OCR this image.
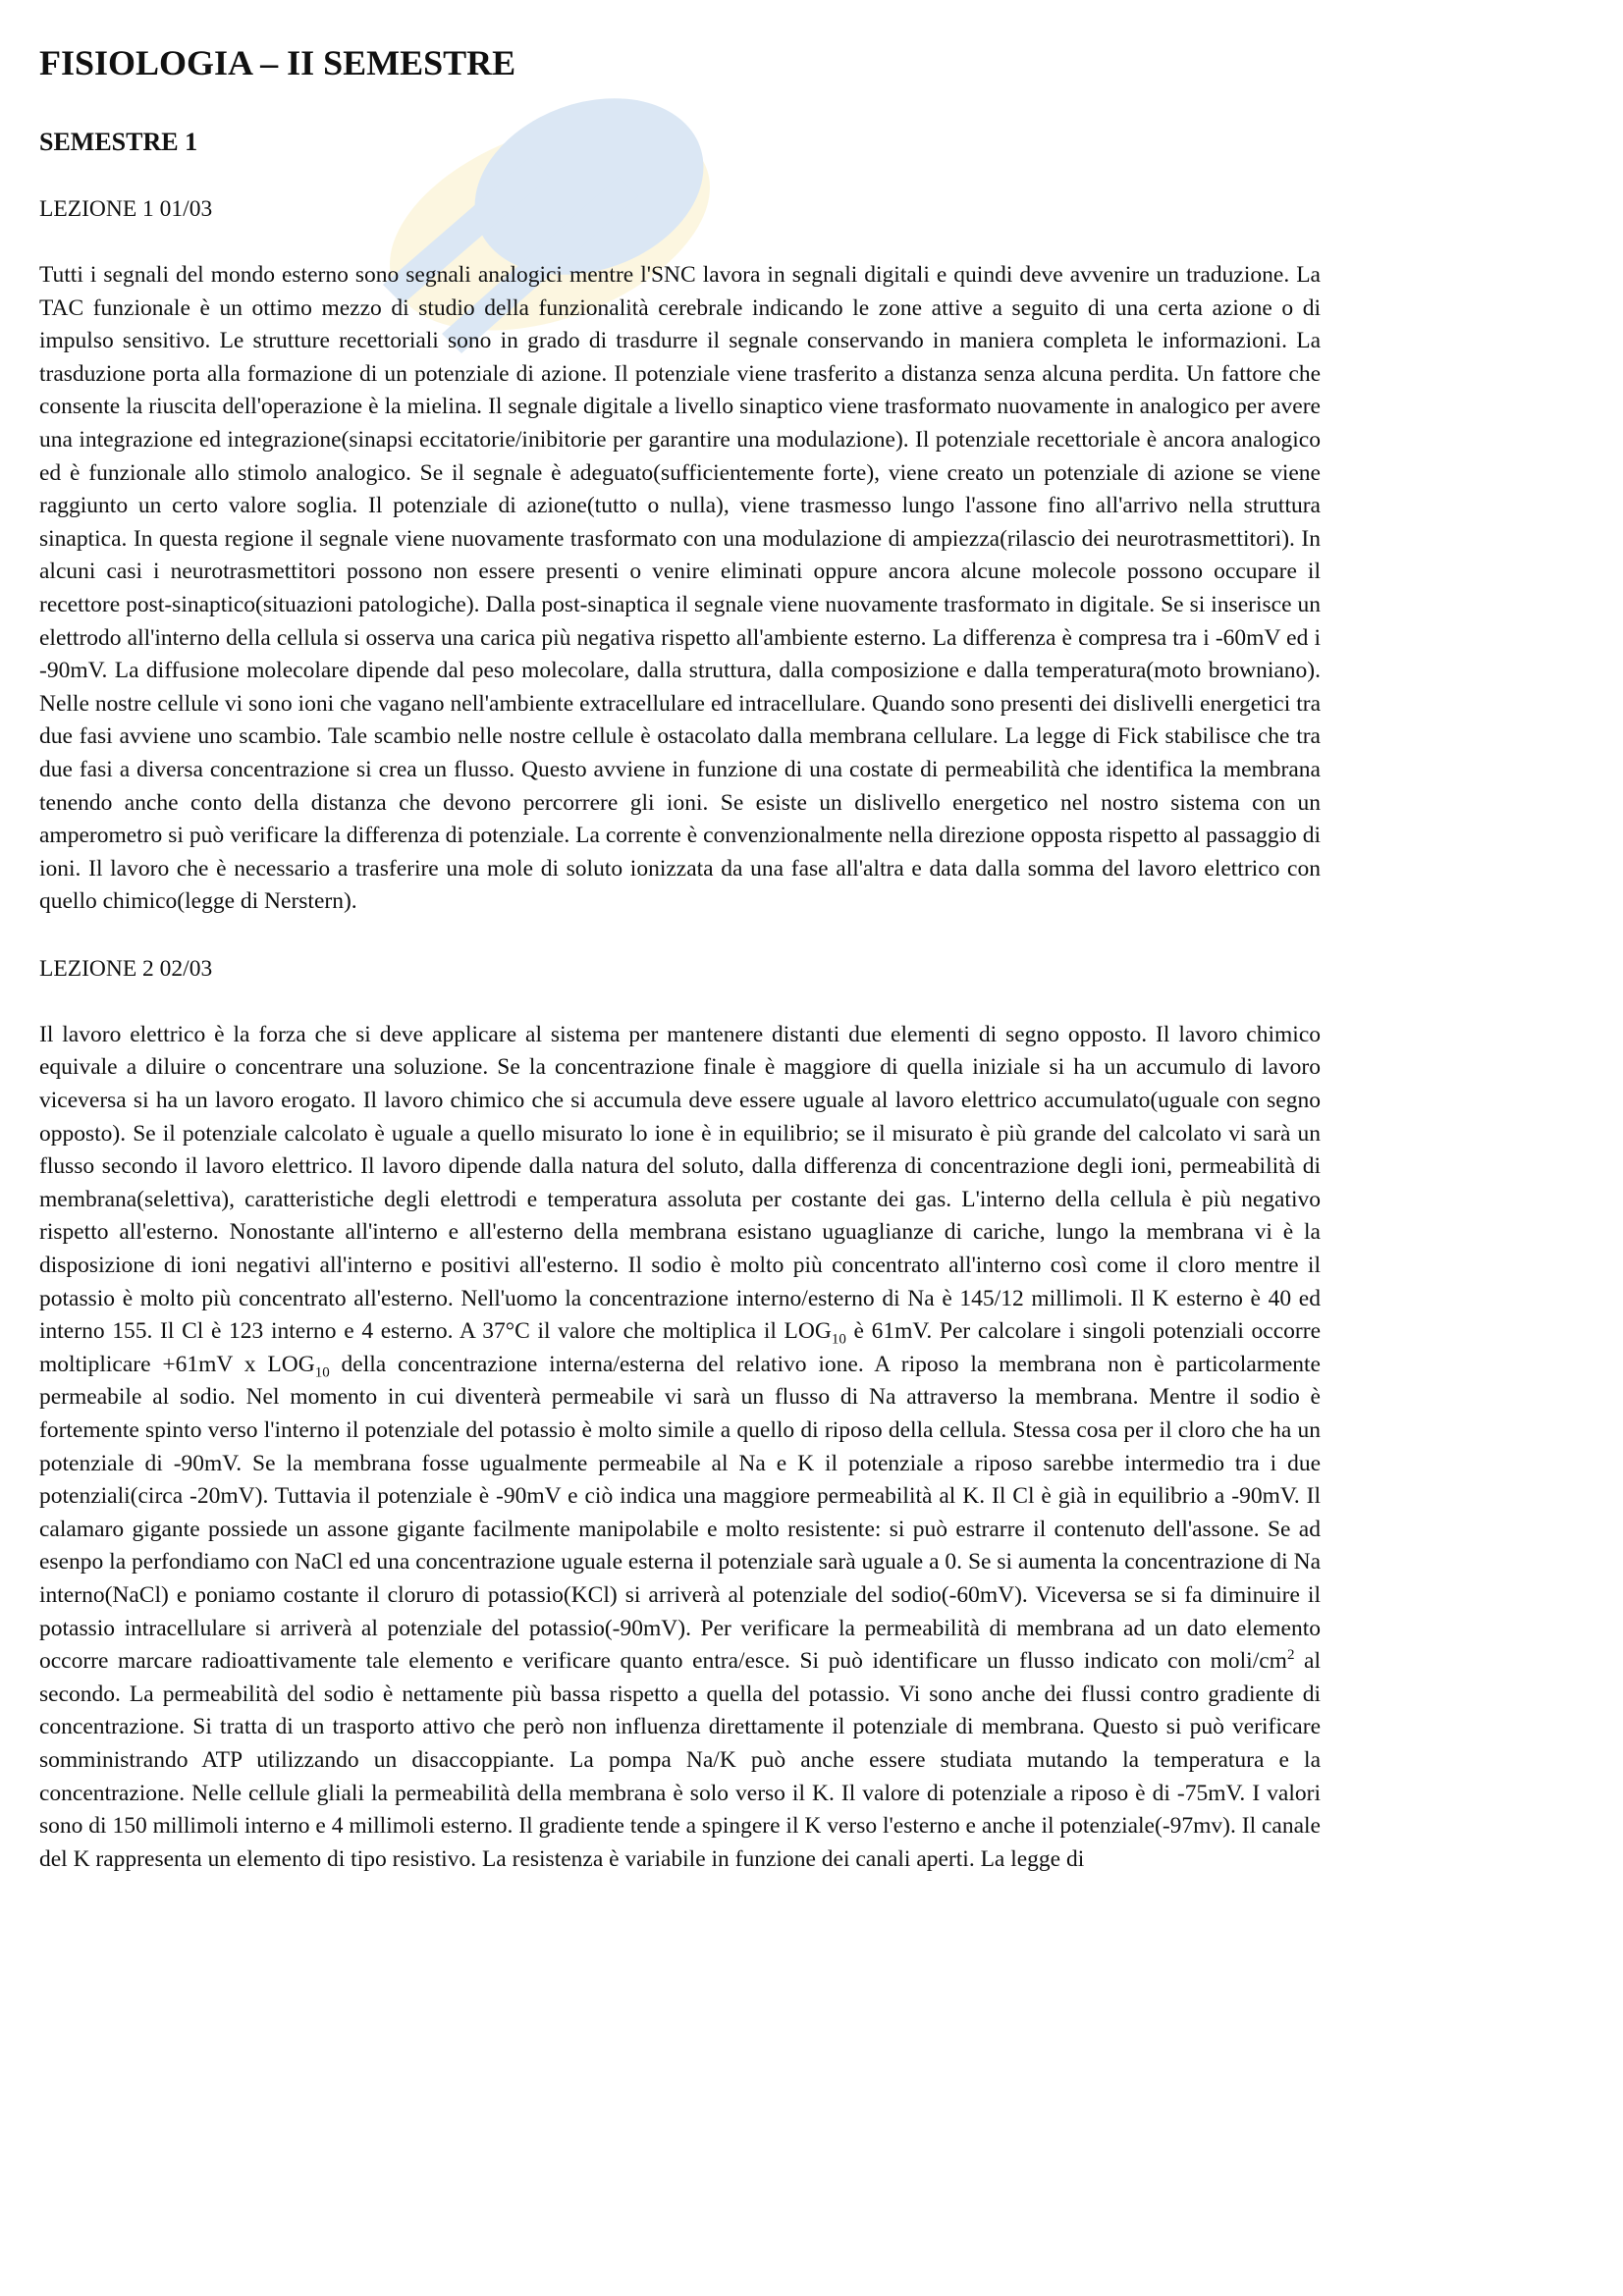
FISIOLOGIA – II SEMESTRE
SEMESTRE 1
LEZIONE 1 01/03
Tutti i segnali del mondo esterno sono segnali analogici mentre l'SNC lavora in segnali digitali e quindi deve avvenire un traduzione. La TAC funzionale è un ottimo mezzo di studio della funzionalità cerebrale indicando le zone attive a seguito di una certa azione o di impulso sensitivo. Le strutture recettoriali sono in grado di trasdurre il segnale conservando in maniera completa le informazioni. La trasduzione porta alla formazione di un potenziale di azione. Il potenziale viene trasferito a distanza senza alcuna perdita. Un fattore che consente la riuscita dell'operazione è la mielina. Il segnale digitale a livello sinaptico viene trasformato nuovamente in analogico per avere una integrazione ed integrazione(sinapsi eccitatorie/inibitorie per garantire una modulazione). Il potenziale recettoriale è ancora analogico ed è funzionale allo stimolo analogico. Se il segnale è adeguato(sufficientemente forte), viene creato un potenziale di azione se viene raggiunto un certo valore soglia. Il potenziale di azione(tutto o nulla), viene trasmesso lungo l'assone fino all'arrivo nella struttura sinaptica. In questa regione il segnale viene nuovamente trasformato con una modulazione di ampiezza(rilascio dei neurotrasmettitori). In alcuni casi i neurotrasmettitori possono non essere presenti o venire eliminati oppure ancora alcune molecole possono occupare il recettore post-sinaptico(situazioni patologiche). Dalla post-sinaptica il segnale viene nuovamente trasformato in digitale. Se si inserisce un elettrodo all'interno della cellula si osserva una carica più negativa rispetto all'ambiente esterno. La differenza è compresa tra i -60mV ed i -90mV. La diffusione molecolare dipende dal peso molecolare, dalla struttura, dalla composizione e dalla temperatura(moto browniano). Nelle nostre cellule vi sono ioni che vagano nell'ambiente extracellulare ed intracellulare. Quando sono presenti dei dislivelli energetici tra due fasi avviene uno scambio. Tale scambio nelle nostre cellule è ostacolato dalla membrana cellulare. La legge di Fick stabilisce che tra due fasi a diversa concentrazione si crea un flusso. Questo avviene in funzione di una costate di permeabilità che identifica la membrana tenendo anche conto della distanza che devono percorrere gli ioni. Se esiste un dislivello energetico nel nostro sistema con un amperometro si può verificare la differenza di potenziale. La corrente è convenzionalmente nella direzione opposta rispetto al passaggio di ioni. Il lavoro che è necessario a trasferire una mole di soluto ionizzata da una fase all'altra e data dalla somma del lavoro elettrico con quello chimico(legge di Nerstern).
LEZIONE 2 02/03
Il lavoro elettrico è la forza che si deve applicare al sistema per mantenere distanti due elementi di segno opposto. Il lavoro chimico equivale a diluire o concentrare una soluzione. Se la concentrazione finale è maggiore di quella iniziale si ha un accumulo di lavoro viceversa si ha un lavoro erogato. Il lavoro chimico che si accumula deve essere uguale al lavoro elettrico accumulato(uguale con segno opposto). Se il potenziale calcolato è uguale a quello misurato lo ione è in equilibrio; se il misurato è più grande del calcolato vi sarà un flusso secondo il lavoro elettrico. Il lavoro dipende dalla natura del soluto, dalla differenza di concentrazione degli ioni, permeabilità di membrana(selettiva), caratteristiche degli elettrodi e temperatura assoluta per costante dei gas. L'interno della cellula è più negativo rispetto all'esterno. Nonostante all'interno e all'esterno della membrana esistano uguaglianze di cariche, lungo la membrana vi è la disposizione di ioni negativi all'interno e positivi all'esterno. Il sodio è molto più concentrato all'interno così come il cloro mentre il potassio è molto più concentrato all'esterno. Nell'uomo la concentrazione interno/esterno di Na è 145/12 millimoli. Il K esterno è 40 ed interno 155. Il Cl è 123 interno e 4 esterno. A 37°C il valore che moltiplica il $LOG_{10}$ è 61mV. Per calcolare i singoli potenziali occorre moltiplicare +61mV x $LOG_{10}$ della concentrazione interna/esterna del relativo ione. A riposo la membrana non è particolarmente permeabile al sodio. Nel momento in cui diventerà permeabile vi sarà un flusso di Na attraverso la membrana. Mentre il sodio è fortemente spinto verso l'interno il potenziale del potassio è molto simile a quello di riposo della cellula. Stessa cosa per il cloro che ha un potenziale di -90mV. Se la membrana fosse ugualmente permeabile al Na e K il potenziale a riposo sarebbe intermedio tra i due potenziali(circa -20mV). Tuttavia il potenziale è -90mV e ciò indica una maggiore permeabilità al K. Il Cl è già in equilibrio a -90mV. Il calamaro gigante possiede un assone gigante facilmente manipolabile e molto resistente: si può estrarre il contenuto dell'assone. Se ad esenpo la perfondiamo con NaCl ed una concentrazione uguale esterna il potenziale sarà uguale a 0. Se si aumenta la concentrazione di Na interno(NaCl) e poniamo costante il cloruro di potassio(KCl) si arriverà al potenziale del sodio(-60mV). Viceversa se si fa diminuire il potassio intracellulare si arriverà al potenziale del potassio(-90mV). Per verificare la permeabilità di membrana ad un dato elemento occorre marcare radioattivamente tale elemento e verificare quanto entra/esce. Si può identificare un flusso indicato con moli/$cm^2$ al secondo. La permeabilità del sodio è nettamente più bassa rispetto a quella del potassio. Vi sono anche dei flussi contro gradiente di concentrazione. Si tratta di un trasporto attivo che però non influenza direttamente il potenziale di membrana. Questo si può verificare somministrando ATP utilizzando un disaccoppiante. La pompa Na/K può anche essere studiata mutando la temperatura e la concentrazione. Nelle cellule gliali la permeabilità della membrana è solo verso il K. Il valore di potenziale a riposo è di -75mV. I valori sono di 150 millimoli interno e 4 millimoli esterno. Il gradiente tende a spingere il K verso l'esterno e anche il potenziale(-97mv). Il canale del K rappresenta un elemento di tipo resistivo. La resistenza è variabile in funzione dei canali aperti. La legge di
